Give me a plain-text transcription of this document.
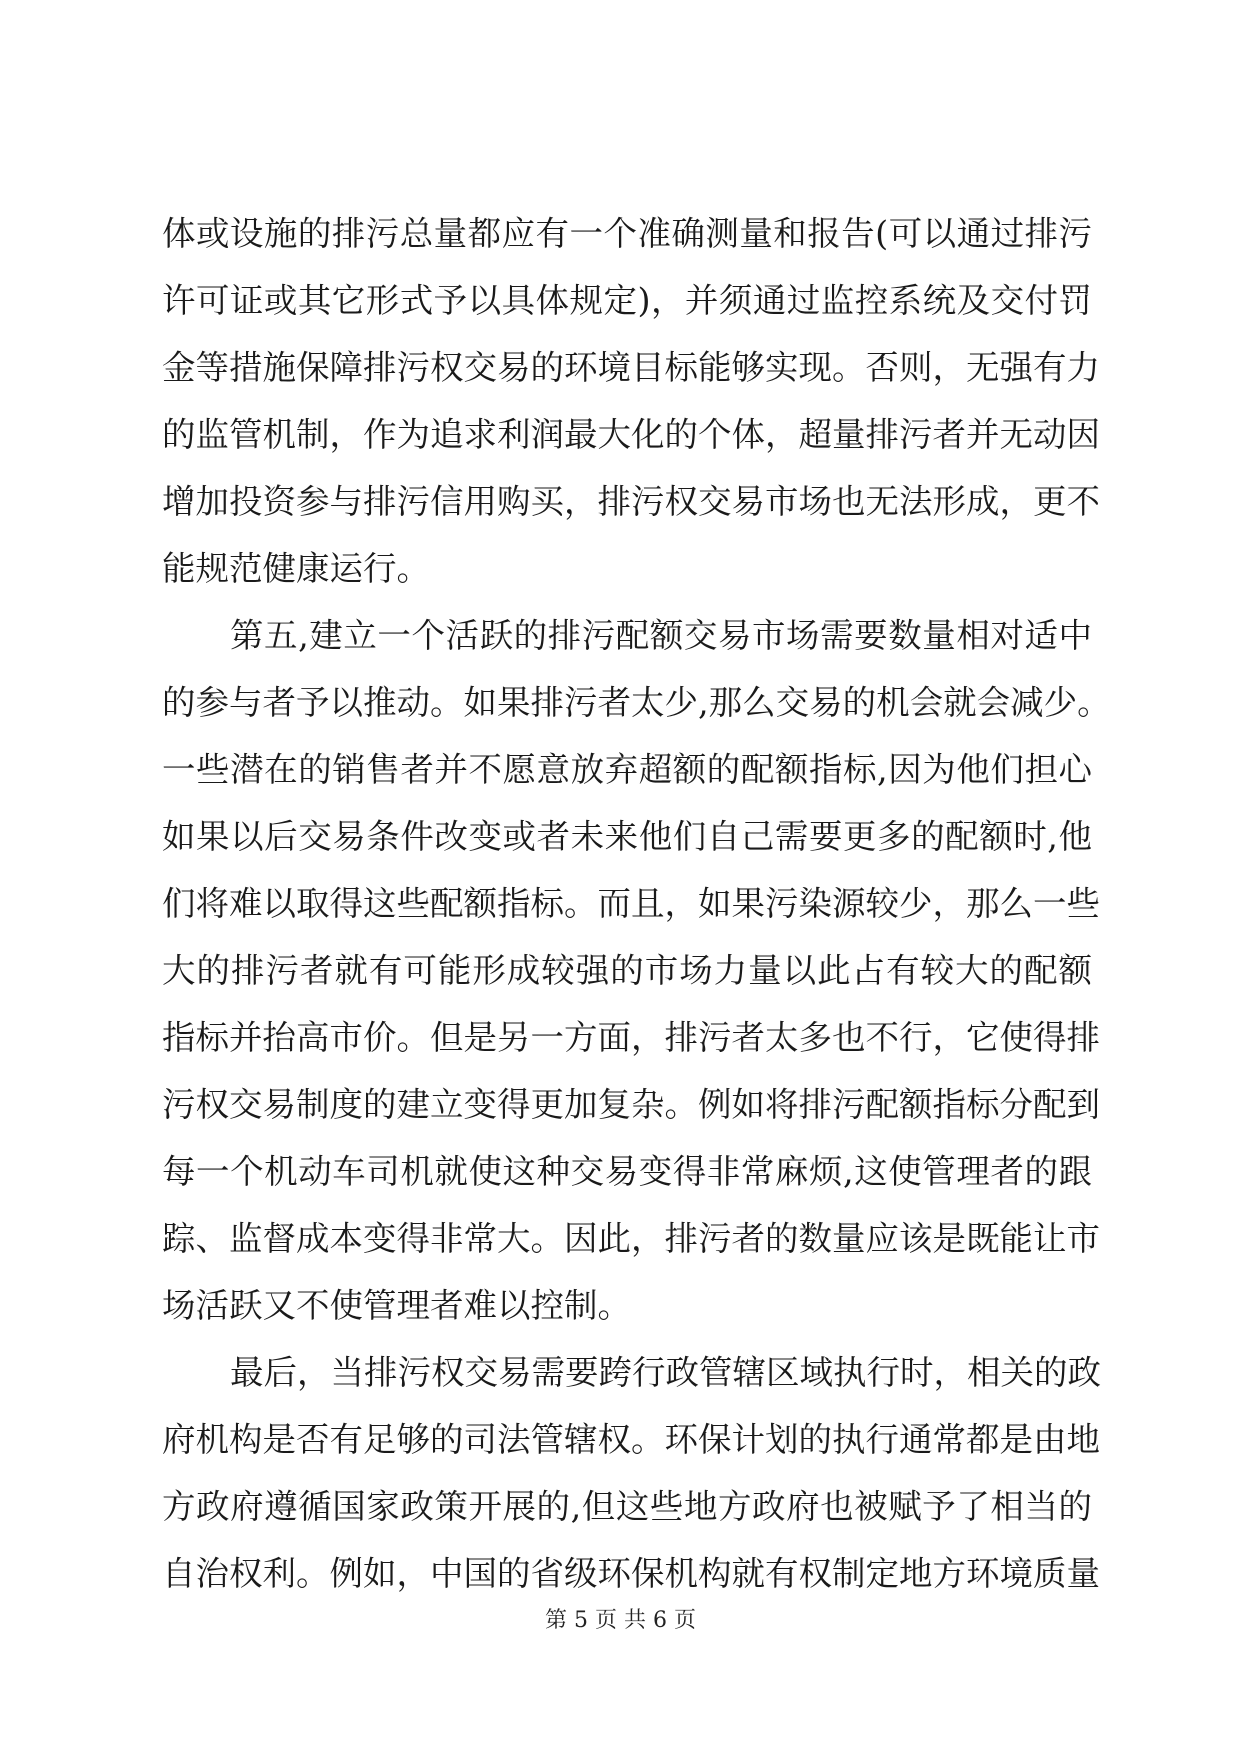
体或设施的排污总量都应有一个准确测量和报告(可以通过排污
许可证或其它形式予以具体规定)，并须通过监控系统及交付罚
金等措施保障排污权交易的环境目标能够实现。否则，无强有力
的监管机制，作为追求利润最大化的个体，超量排污者并无动因
增加投资参与排污信用购买，排污权交易市场也无法形成，更不
能规范健康运行。
第五,建立一个活跃的排污配额交易市场需要数量相对适中
的参与者予以推动。如果排污者太少,那么交易的机会就会减少。
一些潜在的销售者并不愿意放弃超额的配额指标,因为他们担心
如果以后交易条件改变或者未来他们自己需要更多的配额时,他
们将难以取得这些配额指标。而且，如果污染源较少，那么一些
大的排污者就有可能形成较强的市场力量以此占有较大的配额
指标并抬高市价。但是另一方面，排污者太多也不行，它使得排
污权交易制度的建立变得更加复杂。例如将排污配额指标分配到
每一个机动车司机就使这种交易变得非常麻烦,这使管理者的跟
踪、监督成本变得非常大。因此，排污者的数量应该是既能让市
场活跃又不使管理者难以控制。
最后，当排污权交易需要跨行政管辖区域执行时，相关的政
府机构是否有足够的司法管辖权。环保计划的执行通常都是由地
方政府遵循国家政策开展的,但这些地方政府也被赋予了相当的
自治权利。例如，中国的省级环保机构就有权制定地方环境质量
第 5 页 共 6 页
